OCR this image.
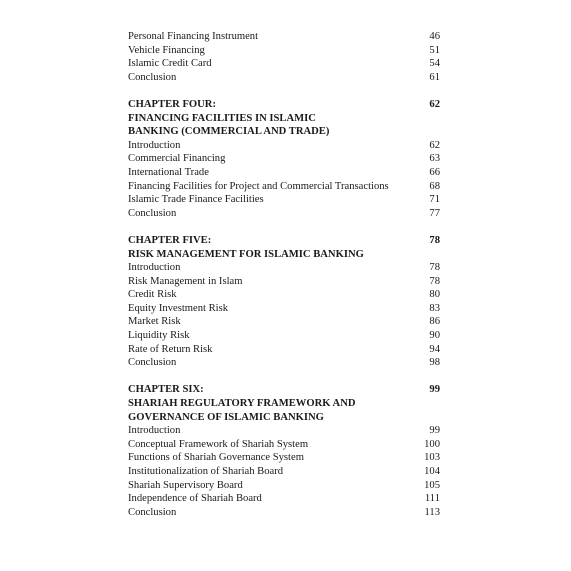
Personal Financing Instrument	46
Vehicle Financing	51
Islamic Credit Card	54
Conclusion	61
CHAPTER FOUR:	62
FINANCING FACILITIES IN ISLAMIC
BANKING (COMMERCIAL AND TRADE)
Introduction	62
Commercial Financing	63
International Trade	66
Financing Facilities for Project and Commercial Transactions	68
Islamic Trade Finance Facilities	71
Conclusion	77
CHAPTER FIVE:	78
RISK MANAGEMENT FOR ISLAMIC BANKING
Introduction	78
Risk Management in Islam	78
Credit Risk	80
Equity Investment Risk	83
Market Risk	86
Liquidity Risk	90
Rate of Return Risk	94
Conclusion	98
CHAPTER SIX:	99
SHARIAH REGULATORY FRAMEWORK AND
GOVERNANCE OF ISLAMIC BANKING
Introduction	99
Conceptual Framework of Shariah System	100
Functions of Shariah Governance System	103
Institutionalization of Shariah Board	104
Shariah Supervisory Board	105
Independence of Shariah Board	111
Conclusion	113
